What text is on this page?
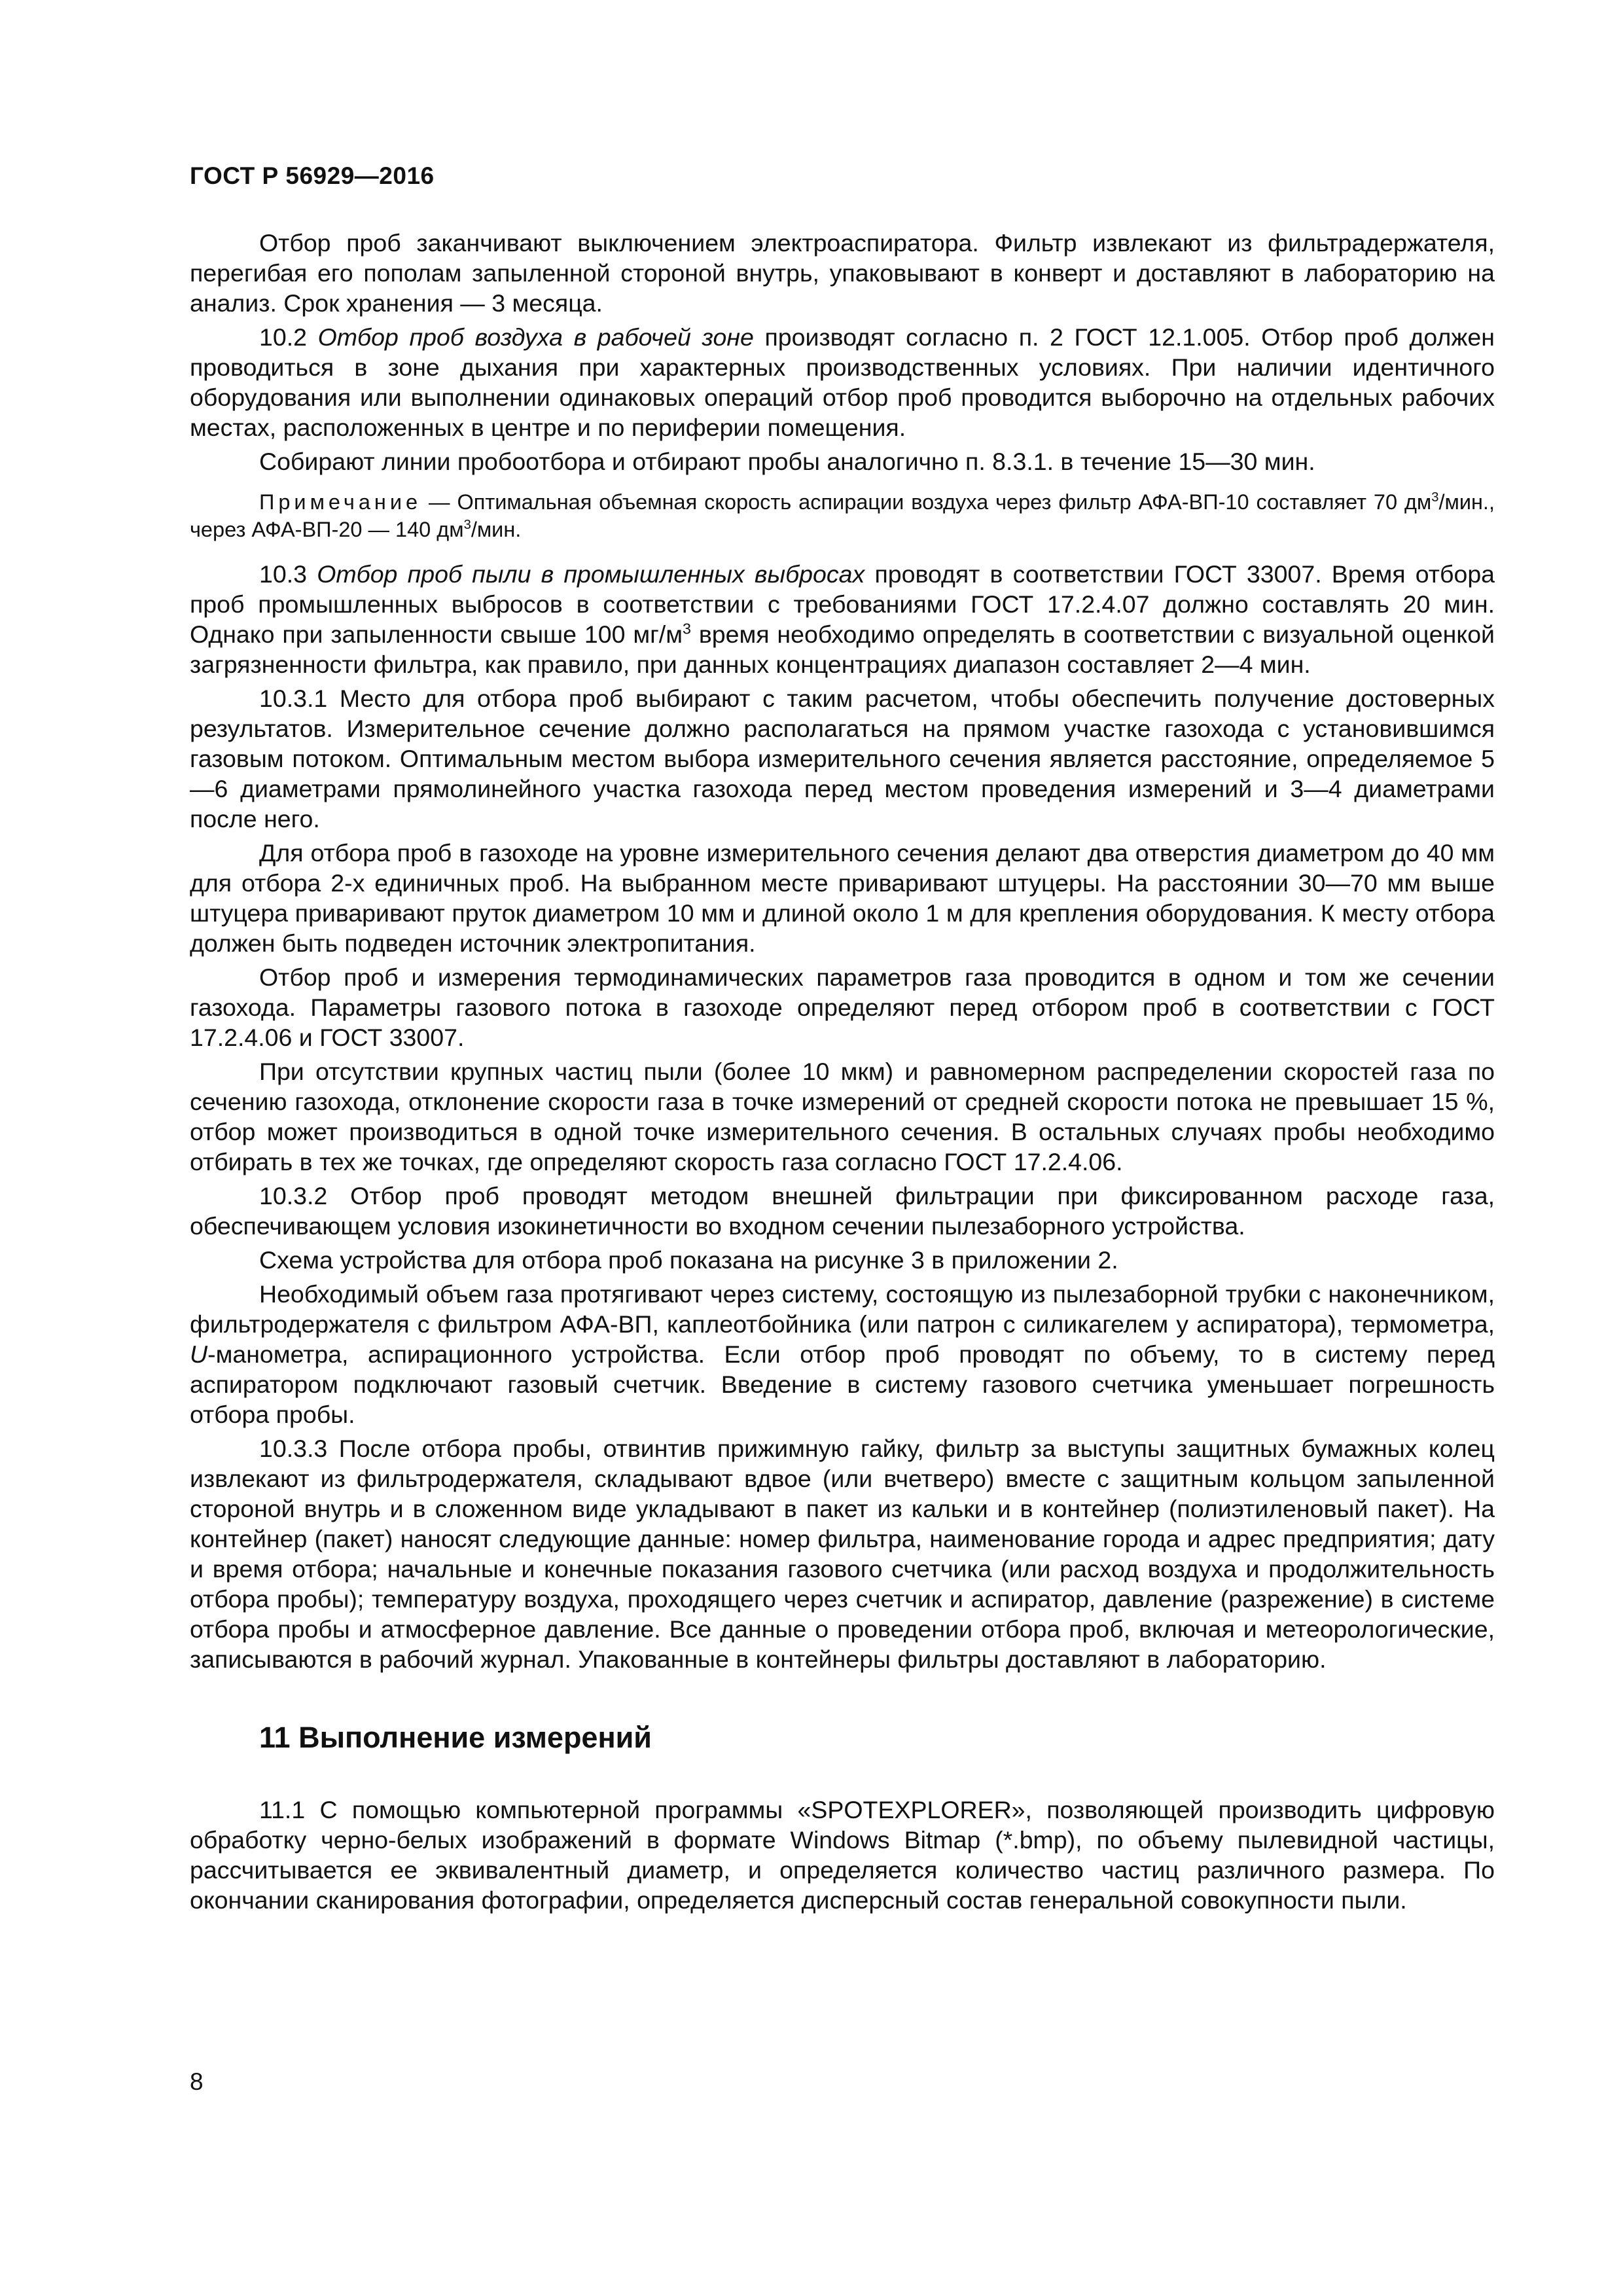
ГОСТ Р 56929—2016

Отбор проб заканчивают выключением электроаспиратора. Фильтр извлекают из фильтрадержателя, перегибая его пополам запыленной стороной внутрь, упаковывают в конверт и доставляют в лабораторию на анализ. Срок хранения — 3 месяца.

10.2 Отбор проб воздуха в рабочей зоне производят согласно п. 2 ГОСТ 12.1.005. Отбор проб должен проводиться в зоне дыхания при характерных производственных условиях. При наличии идентичного оборудования или выполнении одинаковых операций отбор проб проводится выборочно на отдельных рабочих местах, расположенных в центре и по периферии помещения.

Собирают линии пробоотбора и отбирают пробы аналогично п. 8.3.1. в течение 15—30 мин.

Примечание — Оптимальная объемная скорость аспирации воздуха через фильтр АФА-ВП-10 составляет 70 $дм^3$/мин., через АФА-ВП-20 — 140 $дм^3$/мин.

10.3 Отбор проб пыли в промышленных выбросах проводят в соответствии ГОСТ 33007. Время отбора проб промышленных выбросов в соответствии с требованиями ГОСТ 17.2.4.07 должно составлять 20 мин. Однако при запыленности свыше 100 $мг/м^3$ время необходимо определять в соответствии с визуальной оценкой загрязненности фильтра, как правило, при данных концентрациях диапазон составляет 2—4 мин.

10.3.1 Место для отбора проб выбирают с таким расчетом, чтобы обеспечить получение достоверных результатов. Измерительное сечение должно располагаться на прямом участке газохода с установившимся газовым потоком. Оптимальным местом выбора измерительного сечения является расстояние, определяемое 5—6 диаметрами прямолинейного участка газохода перед местом проведения измерений и 3—4 диаметрами после него.

Для отбора проб в газоходе на уровне измерительного сечения делают два отверстия диаметром до 40 мм для отбора 2-х единичных проб. На выбранном месте приваривают штуцеры. На расстоянии 30—70 мм выше штуцера приваривают пруток диаметром 10 мм и длиной около 1 м для крепления оборудования. К месту отбора должен быть подведен источник электропитания.

Отбор проб и измерения термодинамических параметров газа проводится в одном и том же сечении газохода. Параметры газового потока в газоходе определяют перед отбором проб в соответствии с ГОСТ 17.2.4.06 и ГОСТ 33007.

При отсутствии крупных частиц пыли (более 10 мкм) и равномерном распределении скоростей газа по сечению газохода, отклонение скорости газа в точке измерений от средней скорости потока не превышает 15 %, отбор может производиться в одной точке измерительного сечения. В остальных случаях пробы необходимо отбирать в тех же точках, где определяют скорость газа согласно ГОСТ 17.2.4.06.

10.3.2 Отбор проб проводят методом внешней фильтрации при фиксированном расходе газа, обеспечивающем условия изокинетичности во входном сечении пылезаборного устройства.

Схема устройства для отбора проб показана на рисунке 3 в приложении 2.

Необходимый объем газа протягивают через систему, состоящую из пылезаборной трубки с наконечником, фильтродержателя с фильтром АФА-ВП, каплеотбойника (или патрон с силикагелем у аспиратора), термометра, U-манометра, аспирационного устройства. Если отбор проб проводят по объему, то в систему перед аспиратором подключают газовый счетчик. Введение в систему газового счетчика уменьшает погрешность отбора пробы.

10.3.3 После отбора пробы, отвинтив прижимную гайку, фильтр за выступы защитных бумажных колец извлекают из фильтродержателя, складывают вдвое (или вчетверо) вместе с защитным кольцом запыленной стороной внутрь и в сложенном виде укладывают в пакет из кальки и в контейнер (полиэтиленовый пакет). На контейнер (пакет) наносят следующие данные: номер фильтра, наименование города и адрес предприятия; дату и время отбора; начальные и конечные показания газового счетчика (или расход воздуха и продолжительность отбора пробы); температуру воздуха, проходящего через счетчик и аспиратор, давление (разрежение) в системе отбора пробы и атмосферное давление. Все данные о проведении отбора проб, включая и метеорологические, записываются в рабочий журнал. Упакованные в контейнеры фильтры доставляют в лабораторию.

11 Выполнение измерений

11.1 С помощью компьютерной программы «SPOTEXPLORER», позволяющей производить цифровую обработку черно-белых изображений в формате Windows Bitmap (*.bmp), по объему пылевидной частицы, рассчитывается ее эквивалентный диаметр, и определяется количество частиц различного размера. По окончании сканирования фотографии, определяется дисперсный состав генеральной совокупности пыли.

8
